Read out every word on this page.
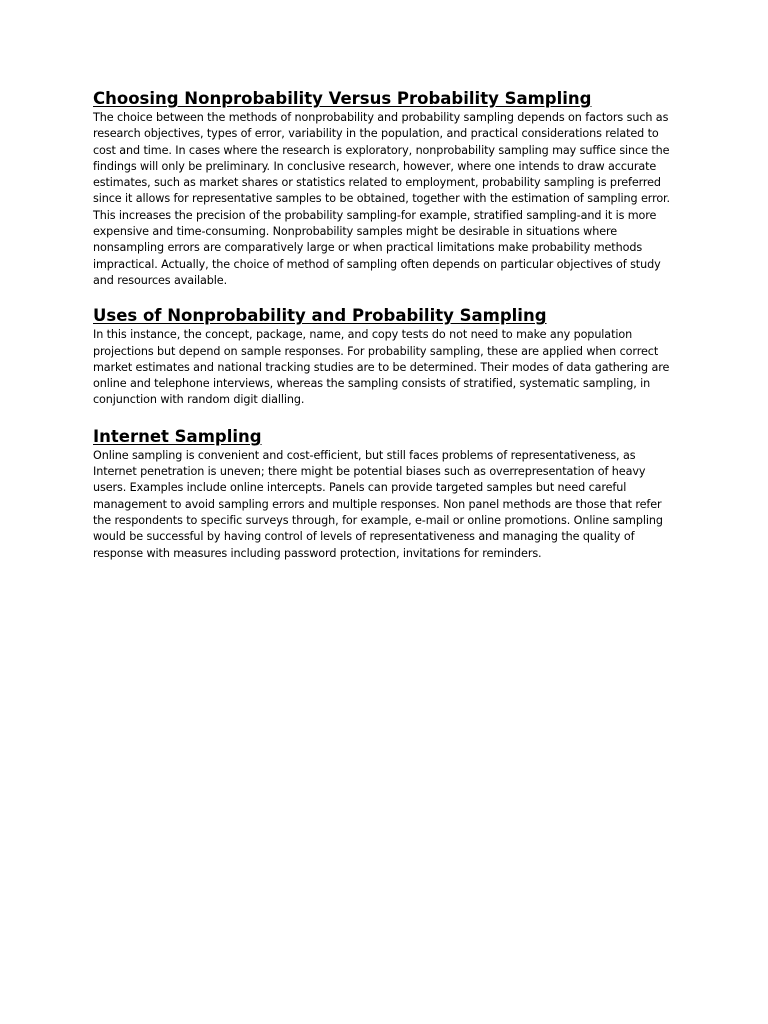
Choosing Nonprobability Versus Probability Sampling

The choice between the methods of nonprobability and probability sampling depends on factors such as research objectives, types of error, variability in the population, and practical considerations related to cost and time. In cases where the research is exploratory, nonprobability sampling may suffice since the findings will only be preliminary. In conclusive research, however, where one intends to draw accurate estimates, such as market shares or statistics related to employment, probability sampling is preferred since it allows for representative samples to be obtained, together with the estimation of sampling error. This increases the precision of the probability sampling-for example, stratified sampling-and it is more expensive and time-consuming. Nonprobability samples might be desirable in situations where nonsampling errors are comparatively large or when practical limitations make probability methods impractical. Actually, the choice of method of sampling often depends on particular objectives of study and resources available.

Uses of Nonprobability and Probability Sampling

In this instance, the concept, package, name, and copy tests do not need to make any population projections but depend on sample responses. For probability sampling, these are applied when correct market estimates and national tracking studies are to be determined. Their modes of data gathering are online and telephone interviews, whereas the sampling consists of stratified, systematic sampling, in conjunction with random digit dialling.

Internet Sampling

Online sampling is convenient and cost-efficient, but still faces problems of representativeness, as Internet penetration is uneven; there might be potential biases such as overrepresentation of heavy users. Examples include online intercepts. Panels can provide targeted samples but need careful management to avoid sampling errors and multiple responses. Non panel methods are those that refer the respondents to specific surveys through, for example, e-mail or online promotions. Online sampling would be successful by having control of levels of representativeness and managing the quality of response with measures including password protection, invitations for reminders.
